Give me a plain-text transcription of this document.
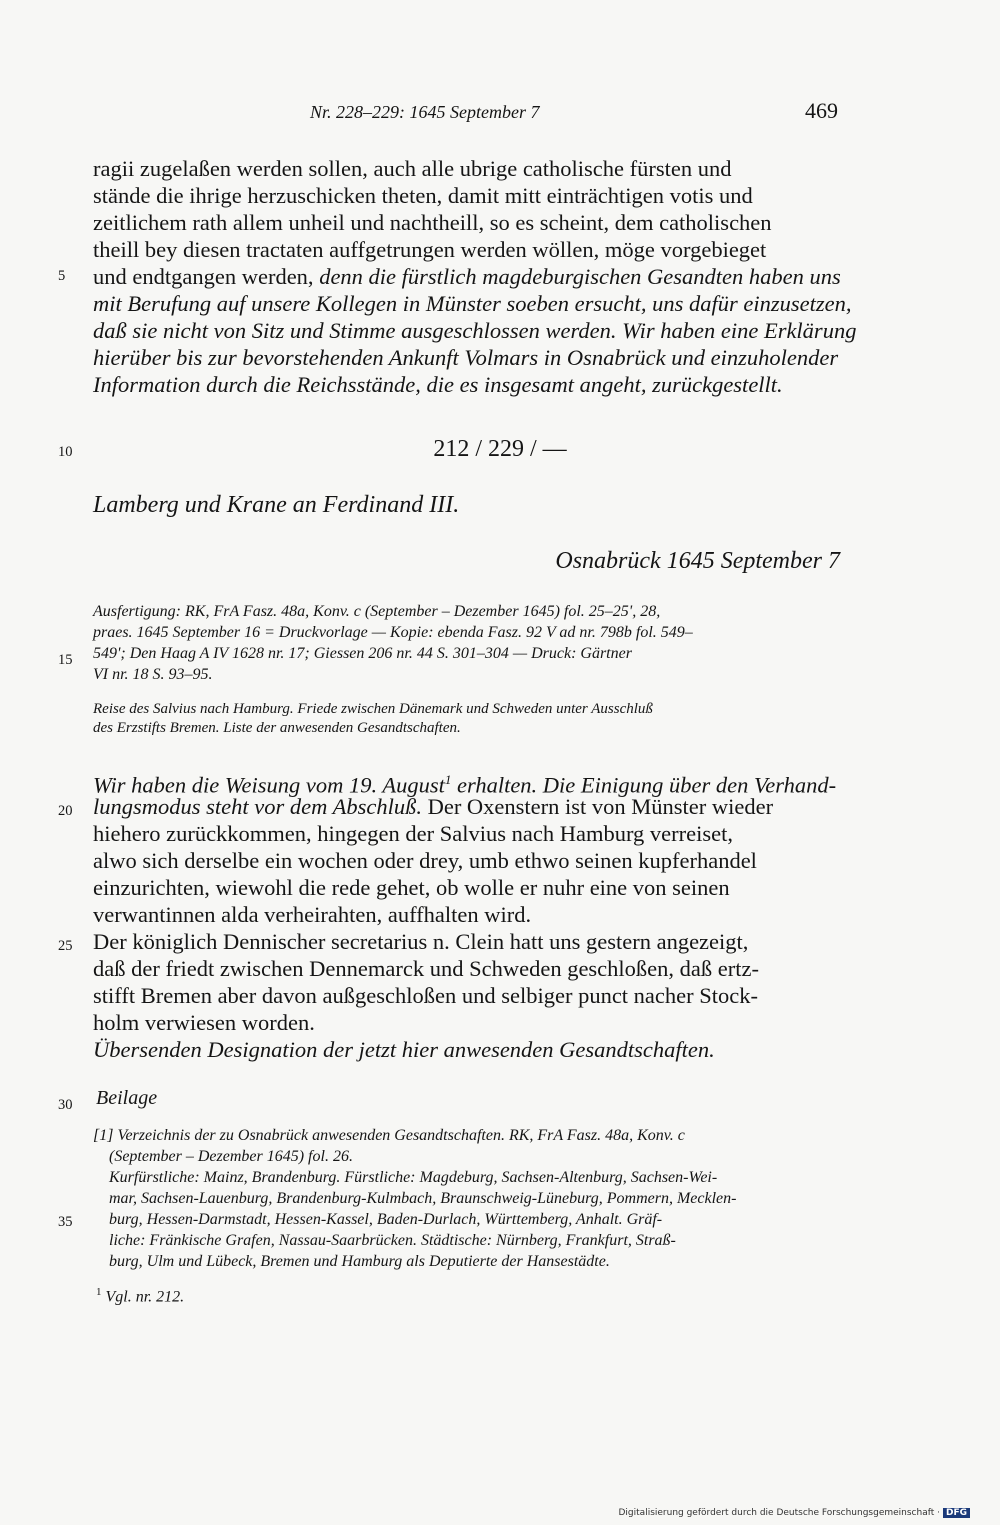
Nr. 228–229: 1645 September 7	469
ragii zugelaßen werden sollen, auch alle ubrige catholische fürsten und
stände die ihrige herzuschicken theten, damit mitt einträchtigen votis und
zeitlichem rath allem unheil und nachtheill, so es scheint, dem catholischen
theill bey diesen tractaten auffgetrungen werden wöllen, möge vorgebieget
und endtgangen werden, denn die fürstlich magdeburgischen Gesandten haben uns
mit Berufung auf unsere Kollegen in Münster soeben ersucht, uns dafür einzusetzen,
daß sie nicht von Sitz und Stimme ausgeschlossen werden. Wir haben eine Erklärung
hierüber bis zur bevorstehenden Ankunft Volmars in Osnabrück und einzuholender
Information durch die Reichsstände, die es insgesamt angeht, zurückgestellt.
5
10
15
20
25
30
35
212 / 229 / —
Lamberg und Krane an Ferdinand III.
Osnabrück 1645 September 7
Ausfertigung: RK, FrA Fasz. 48a, Konv. c (September – Dezember 1645) fol. 25–25', 28,
praes. 1645 September 16 = Druckvorlage — Kopie: ebenda Fasz. 92 V ad nr. 798b fol. 549–
549'; Den Haag A IV 1628 nr. 17; Giessen 206 nr. 44 S. 301–304 — Druck: Gärtner
VI nr. 18 S. 93–95.
Reise des Salvius nach Hamburg. Friede zwischen Dänemark und Schweden unter Ausschluß
des Erzstifts Bremen. Liste der anwesenden Gesandtschaften.
Wir haben die Weisung vom 19. August$^1$ erhalten. Die Einigung über den Verhand-
lungsmodus steht vor dem Abschluß. Der Oxenstern ist von Münster wieder
hiehero zurückkommen, hingegen der Salvius nach Hamburg verreiset,
alwo sich derselbe ein wochen oder drey, umb ethwo seinen kupferhandel
einzurichten, wiewohl die rede gehet, ob wolle er nuhr eine von seinen
verwantinnen alda verheirahten, auffhalten wird.
Der königlich Dennischer secretarius n. Clein hatt uns gestern angezeigt,
daß der friedt zwischen Dennemarck und Schweden geschloßen, daß ertz-
stifft Bremen aber davon außgeschloßen und selbiger punct nacher Stock-
holm verwiesen worden.
Übersenden Designation der jetzt hier anwesenden Gesandtschaften.
Beilage
[1] Verzeichnis der zu Osnabrück anwesenden Gesandtschaften. RK, FrA Fasz. 48a, Konv. c
(September – Dezember 1645) fol. 26.
Kurfürstliche: Mainz, Brandenburg. Fürstliche: Magdeburg, Sachsen-Altenburg, Sachsen-Wei-
mar, Sachsen-Lauenburg, Brandenburg-Kulmbach, Braunschweig-Lüneburg, Pommern, Mecklen-
burg, Hessen-Darmstadt, Hessen-Kassel, Baden-Durlach, Württemberg, Anhalt. Gräf-
liche: Fränkische Grafen, Nassau-Saarbrücken. Städtische: Nürnberg, Frankfurt, Straß-
burg, Ulm und Lübeck, Bremen und Hamburg als Deputierte der Hansestädte.
$^1$ Vgl. nr. 212.
Digitalisierung gefördert durch die Deutsche Forschungsgemeinschaft · DFG
